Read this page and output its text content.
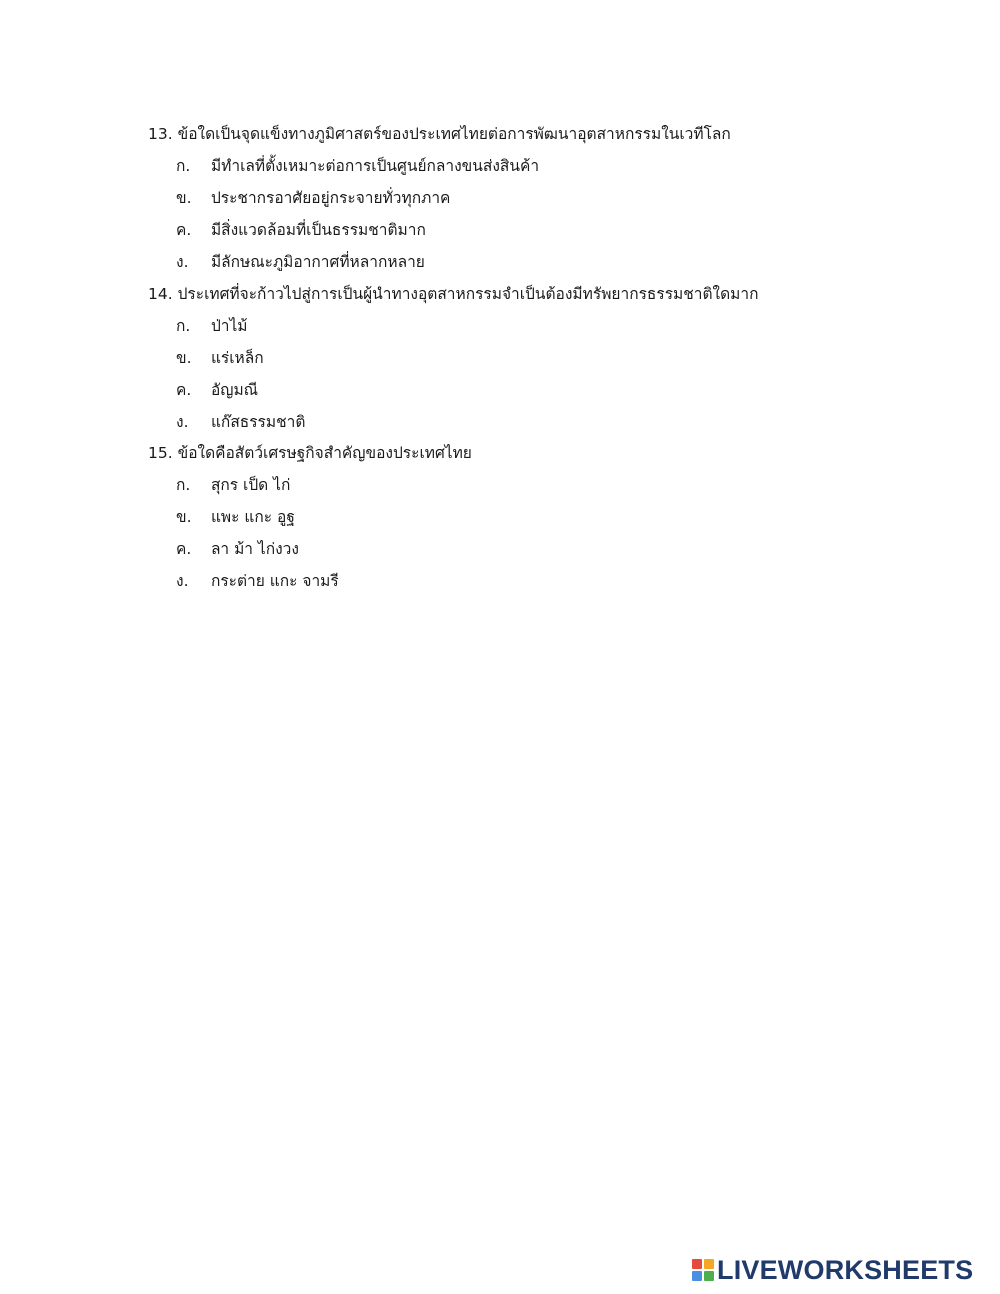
13. ข้อใดเป็นจุดแข็งทางภูมิศาสตร์ของประเทศไทยต่อการพัฒนาอุตสาหกรรมในเวทีโลก
ก. มีทำเลที่ตั้งเหมาะต่อการเป็นศูนย์กลางขนส่งสินค้า
ข. ประชากรอาศัยอยู่กระจายทั่วทุกภาค
ค. มีสิ่งแวดล้อมที่เป็นธรรมชาติมาก
ง. มีลักษณะภูมิอากาศที่หลากหลาย
14. ประเทศที่จะก้าวไปสู่การเป็นผู้นำทางอุตสาหกรรมจำเป็นต้องมีทรัพยากรธรรมชาติใดมาก
ก. ป่าไม้
ข. แร่เหล็ก
ค. อัญมณี
ง. แก๊สธรรมชาติ
15. ข้อใดคือสัตว์เศรษฐกิจสำคัญของประเทศไทย
ก. สุกร เป็ด ไก่
ข. แพะ แกะ อูฐ
ค. ลา ม้า ไก่งวง
ง. กระต่าย แกะ จามรี
LIVEWORKSHEETS
